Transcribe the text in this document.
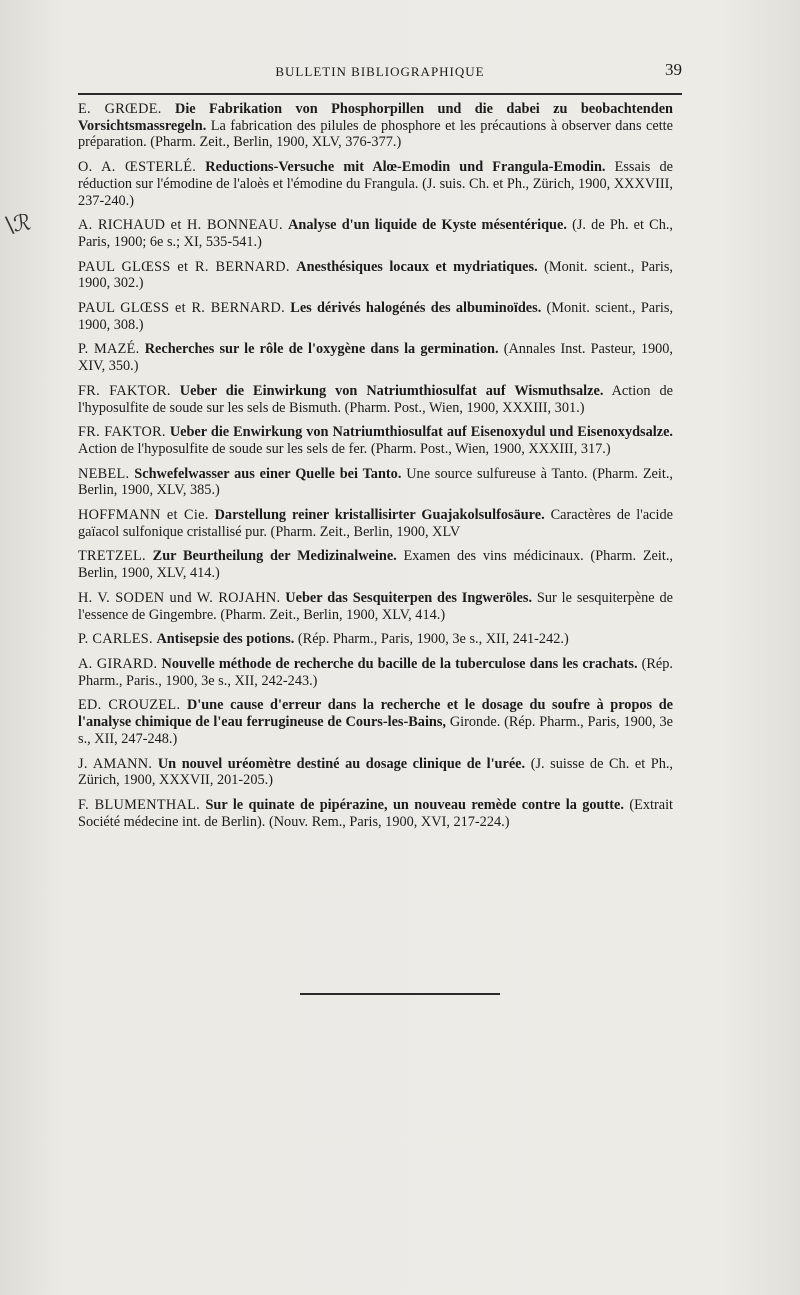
BULLETIN BIBLIOGRAPHIQUE	39
\ℛ

E. GRŒDE. Die Fabrikation von Phosphorpillen und die dabei zu beobachtenden Vorsichtsmassregeln. La fabrication des pilules de phosphore et les précautions à observer dans cette préparation. (Pharm. Zeit., Berlin, 1900, XLV, 376-377.)

O. A. ŒSTERLÉ. Reductions-Versuche mit Alœ-Emodin und Frangula-Emodin. Essais de réduction sur l'émodine de l'aloès et l'émodine du Frangula. (J. suis. Ch. et Ph., Zürich, 1900, XXXVIII, 237-240.)

A. RICHAUD et H. BONNEAU. Analyse d'un liquide de Kyste mésentérique. (J. de Ph. et Ch., Paris, 1900; 6e s.; XI, 535-541.)

PAUL GLŒSS et R. BERNARD. Anesthésiques locaux et mydriatiques. (Monit. scient., Paris, 1900, 302.)

PAUL GLŒSS et R. BERNARD. Les dérivés halogénés des albuminoïdes. (Monit. scient., Paris, 1900, 308.)

P. MAZÉ. Recherches sur le rôle de l'oxygène dans la germination. (Annales Inst. Pasteur, 1900, XIV, 350.)

FR. FAKTOR. Ueber die Einwirkung von Natriumthiosulfat auf Wismuthsalze. Action de l'hyposulfite de soude sur les sels de Bismuth. (Pharm. Post., Wien, 1900, XXXIII, 301.)

FR. FAKTOR. Ueber die Enwirkung von Natriumthiosulfat auf Eisenoxydul und Eisenoxydsalze. Action de l'hyposulfite de soude sur les sels de fer. (Pharm. Post., Wien, 1900, XXXIII, 317.)

NEBEL. Schwefelwasser aus einer Quelle bei Tanto. Une source sulfureuse à Tanto. (Pharm. Zeit., Berlin, 1900, XLV, 385.)

HOFFMANN et Cie. Darstellung reiner kristallisirter Guajakolsulfosäure. Caractères de l'acide gaïacol sulfonique cristallisé pur. (Pharm. Zeit., Berlin, 1900, XLV

TRETZEL. Zur Beurtheilung der Medizinalweine. Examen des vins médicinaux. (Pharm. Zeit., Berlin, 1900, XLV, 414.)

H. V. SODEN und W. ROJAHN. Ueber das Sesquiterpen des Ingweröles. Sur le sesquiterpène de l'essence de Gingembre. (Pharm. Zeit., Berlin, 1900, XLV, 414.)

P. CARLES. Antisepsie des potions. (Rép. Pharm., Paris, 1900, 3e s., XII, 241-242.)

A. GIRARD. Nouvelle méthode de recherche du bacille de la tuberculose dans les crachats. (Rép. Pharm., Paris., 1900, 3e s., XII, 242-243.)

ED. CROUZEL. D'une cause d'erreur dans la recherche et le dosage du soufre à propos de l'analyse chimique de l'eau ferrugineuse de Cours-les-Bains, Gironde. (Rép. Pharm., Paris, 1900, 3e s., XII, 247-248.)

J. AMANN. Un nouvel uréomètre destiné au dosage clinique de l'urée. (J. suisse de Ch. et Ph., Zürich, 1900, XXXVII, 201-205.)

F. BLUMENTHAL. Sur le quinate de pipérazine, un nouveau remède contre la goutte. (Extrait Société médecine int. de Berlin). (Nouv. Rem., Paris, 1900, XVI, 217-224.)
